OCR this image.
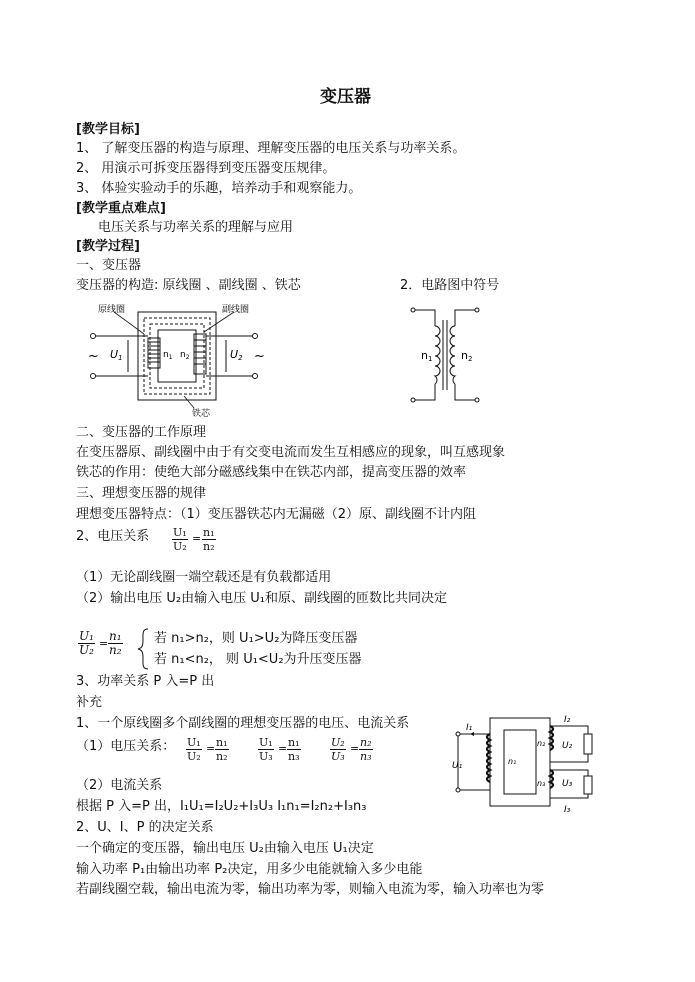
变压器
[教学目标]
1、 了解变压器的构造与原理、理解变压器的电压关系与功率关系。
2、 用演示可拆变压器得到变压器变压规律。
3、 体验实验动手的乐趣，培养动手和观察能力。
[教学重点难点]
电压关系与功率关系的理解与应用
[教学过程]
一、变压器
变压器的构造: 原线圈 、副线圈 、铁芯	2．电路图中符号
原线圈	副线圈
铁芯
~	~
U1	U2
$n_1$ $n_2$	n1	n2
二、变压器的工作原理
在变压器原、副线圈中由于有交变电流而发生互相感应的现象，叫互感现象
铁芯的作用：使绝大部分磁感线集中在铁芯内部，提高变压器的效率
三、理想变压器的规律
理想变压器特点：（1）变压器铁芯内无漏磁（2）原、副线圈不计内阻
2、电压关系 $\frac{\text{U₁}}{\text{U₂}} = \frac{\text{n₁}}{\text{n₂}}$
（1）无论副线圈一端空载还是有负载都适用
（2）输出电压 U₂由输入电压 U₁和原、副线圈的匝数比共同决定
$\frac{\text{U₁}}{\text{U₂}} = \frac{\text{n₁}}{\text{n₂}}$ 若 n₁>n₂，则 U₁>U₂为降压变压器
若 n₁<n₂， 则 U₁<U₂为升压变压器
3、功率关系 P 入=P 出
补充
1、一个原线圈多个副线圈的理想变压器的电压、电流关系
（1）电压关系： $\frac{\text{U₁}}{\text{U₂}} = \frac{\text{n₁}}{\text{n₂}}$	$\frac{\text{U₁}}{\text{U₃}} = \frac{\text{n₁}}{\text{n₃}}$	$\frac{\text{U₂}}{\text{U₃}} = \frac{\text{n₂}}{\text{n₃}}$
I₁
U₁	n₁
n₂
n₃
U₂
U₃
I₂
I₃
（2）电流关系
根据 P 入=P 出，I₁U₁=I₂U₂+I₃U₃ I₁n₁=I₂n₂+I₃n₃
2、U、I、P 的决定关系
一个确定的变压器，输出电压 U₂由输入电压 U₁决定
输入功率 P₁由输出功率 P₂决定，用多少电能就输入多少电能
若副线圈空载，输出电流为零，输出功率为零，则输入电流为零，输入功率也为零
